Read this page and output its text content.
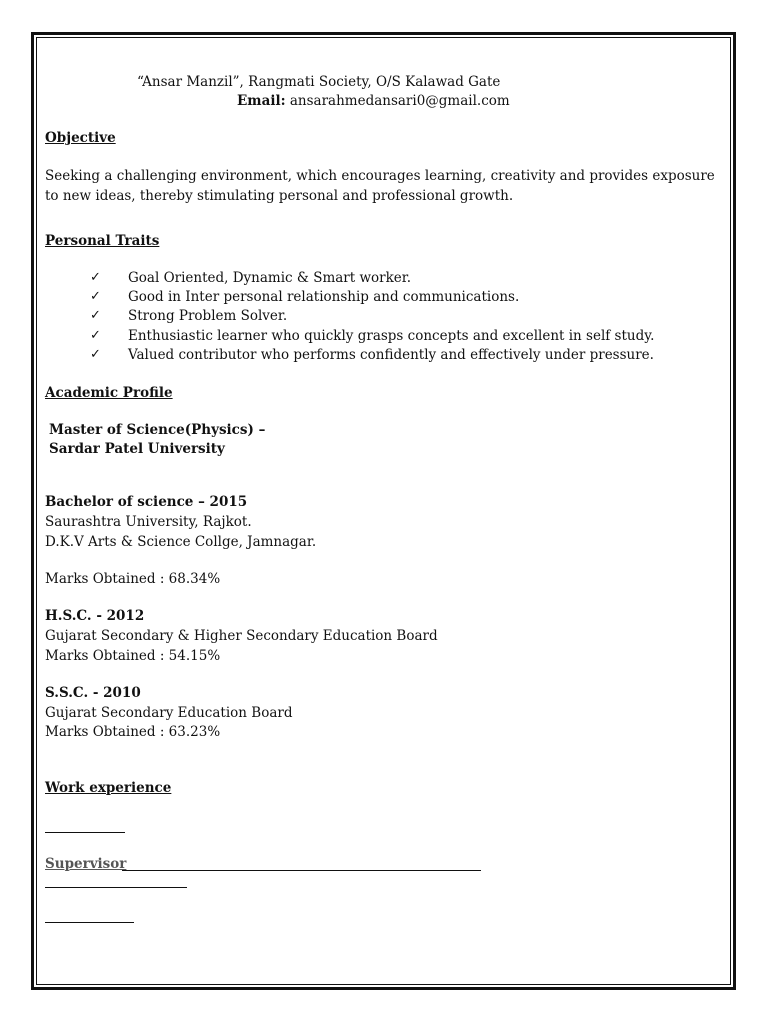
“Ansar Manzil”, Rangmati Society, O/S Kalawad Gate
Email: ansarahmedansari0@gmail.com
Objective
Seeking a challenging environment, which encourages learning, creativity and provides exposure to new ideas, thereby stimulating personal and professional growth.
Personal Traits
✓ Goal Oriented, Dynamic & Smart worker.
✓ Good in Inter personal relationship and communications.
✓ Strong Problem Solver.
✓ Enthusiastic learner who quickly grasps concepts and excellent in self study.
✓ Valued contributor who performs confidently and effectively under pressure.
Academic Profile
Master of Science(Physics) –
Sardar Patel University
Bachelor of science – 2015
Saurashtra University, Rajkot.
D.K.V Arts & Science Collge, Jamnagar.
Marks Obtained : 68.34%
H.S.C. - 2012
Gujarat Secondary & Higher Secondary Education Board
Marks Obtained : 54.15%
S.S.C. - 2010
Gujarat Secondary Education Board
Marks Obtained : 63.23%
Work experience
Supervisor
